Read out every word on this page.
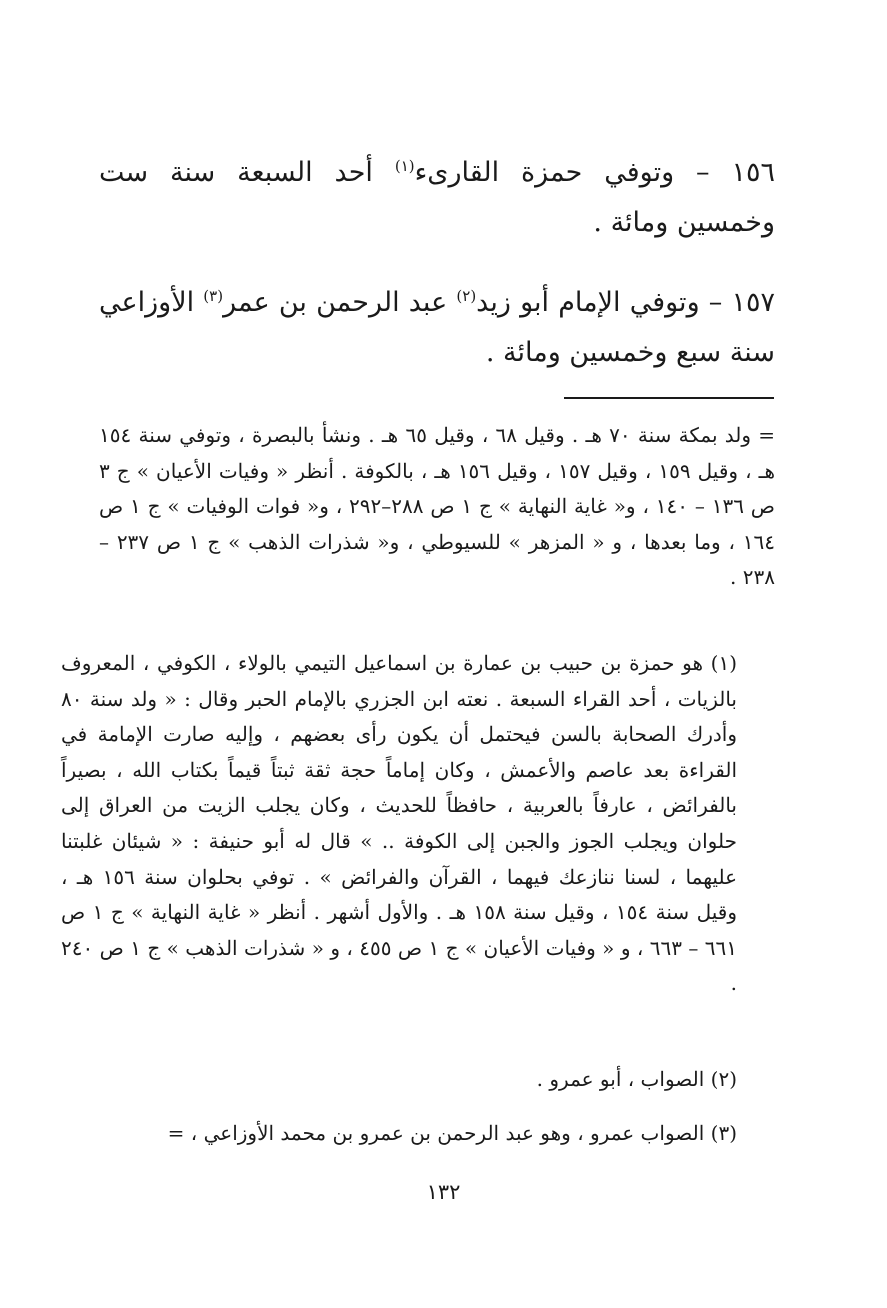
١٥٦ – وتوفي حمزة القارىء$^{(١)}$ أحد السبعة سنة ست وخمسين ومائة .

١٥٧ – وتوفي الإمام أبو زيد$^{(٢)}$ عبد الرحمن بن عمر$^{(٣)}$ الأوزاعي سنة سبع وخمسين ومائة .

= ولد بمكة سنة ٧٠ هـ . وقيل ٦٨ ، وقيل ٦٥ هـ . ونشأ بالبصرة ، وتوفي سنة ١٥٤ هـ ، وقيل ١٥٩ ، وقيل ١٥٧ ، وقيل ١٥٦ هـ ، بالكوفة . أنظر « وفيات الأعيان » ج ٣ ص ١٣٦ – ١٤٠ ، و« غاية النهاية » ج ١ ص ٢٨٨–٢٩٢ ، و« فوات الوفيات » ج ١ ص ١٦٤ ، وما بعدها ، و « المزهر » للسيوطي ، و« شذرات الذهب » ج ١ ص ٢٣٧ – ٢٣٨ .

(١) هو حمزة بن حبيب بن عمارة بن اسماعيل التيمي بالولاء ، الكوفي ، المعروف بالزيات ، أحد القراء السبعة . نعته ابن الجزري بالإمام الحبر وقال : « ولد سنة ٨٠ وأدرك الصحابة بالسن فيحتمل أن يكون رأى بعضهم ، وإليه صارت الإمامة في القراءة بعد عاصم والأعمش ، وكان إماماً حجة ثقة ثبتاً قيماً بكتاب الله ، بصيراً بالفرائض ، عارفاً بالعربية ، حافظاً للحديث ، وكان يجلب الزيت من العراق إلى حلوان ويجلب الجوز والجبن إلى الكوفة .. » قال له أبو حنيفة : « شيئان غلبتنا عليهما ، لسنا ننازعك فيهما ، القرآن والفرائض » . توفي بحلوان سنة ١٥٦ هـ ، وقيل سنة ١٥٤ ، وقيل سنة ١٥٨ هـ . والأول أشهر . أنظر « غاية النهاية » ج ١ ص ٦٦١ – ٦٦٣ ، و « وفيات الأعيان » ج ١ ص ٤٥٥ ، و « شذرات الذهب » ج ١ ص ٢٤٠ .

(٢) الصواب ، أبو عمرو .

(٣) الصواب عمرو ، وهو عبد الرحمن بن عمرو بن محمد الأوزاعي ، =

١٣٢
